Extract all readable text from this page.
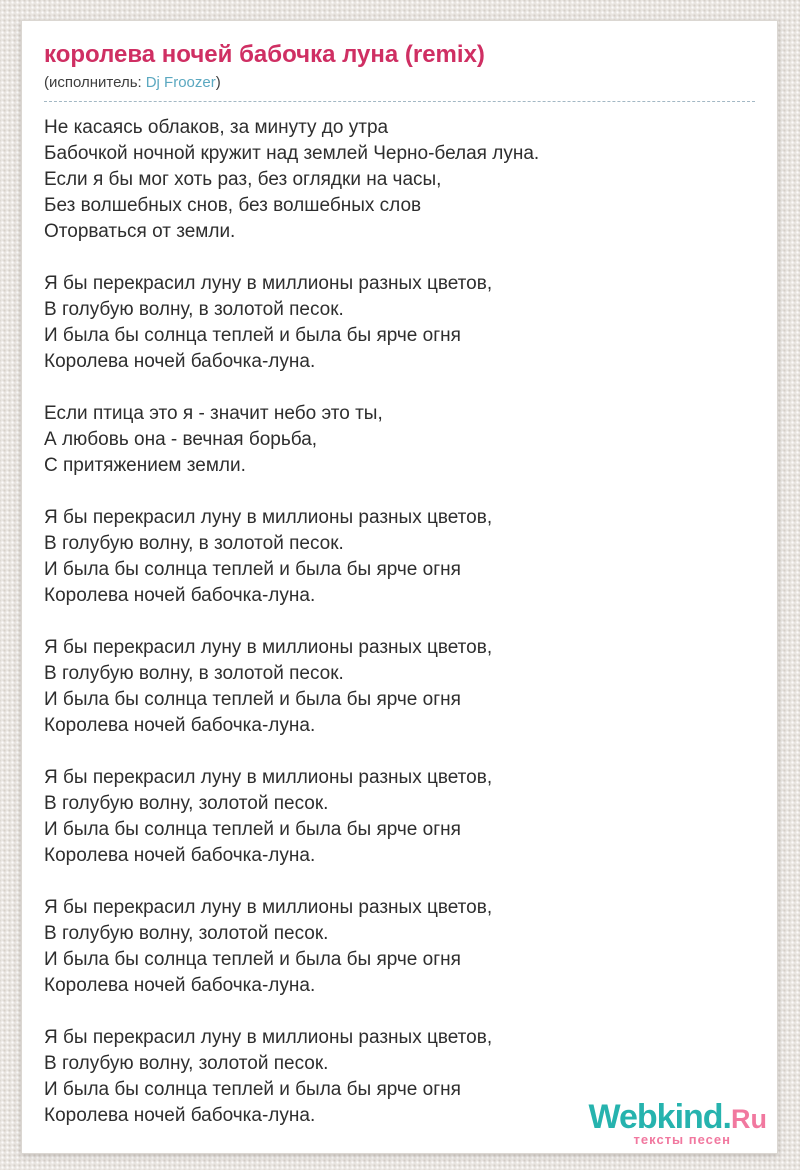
королева ночей бабочка луна (remix)
(исполнитель: Dj Froozer)

Не касаясь облаков, за минуту до утра
Бабочкой ночной кружит над землей Черно-белая луна.
Если я бы мог хоть раз, без оглядки на часы,
Без волшебных снов, без волшебных слов
Оторваться от земли.

Я бы перекрасил луну в миллионы разных цветов,
В голубую волну, в золотой песок.
И была бы солнца теплей и была бы ярче огня
Королева ночей бабочка-луна.

Если птица это я - значит небо это ты,
А любовь она - вечная борьба,
С притяжением земли.

Я бы перекрасил луну в миллионы разных цветов,
В голубую волну, в золотой песок.
И была бы солнца теплей и была бы ярче огня
Королева ночей бабочка-луна.

Я бы перекрасил луну в миллионы разных цветов,
В голубую волну, в золотой песок.
И была бы солнца теплей и была бы ярче огня
Королева ночей бабочка-луна.

Я бы перекрасил луну в миллионы разных цветов,
В голубую волну, золотой песок.
И была бы солнца теплей и была бы ярче огня
Королева ночей бабочка-луна.

Я бы перекрасил луну в миллионы разных цветов,
В голубую волну, золотой песок.
И была бы солнца теплей и была бы ярче огня
Королева ночей бабочка-луна.

Я бы перекрасил луну в миллионы разных цветов,
В голубую волну, золотой песок.
И была бы солнца теплей и была бы ярче огня
Королева ночей бабочка-луна.	Webkind.Ru
тексты песен
